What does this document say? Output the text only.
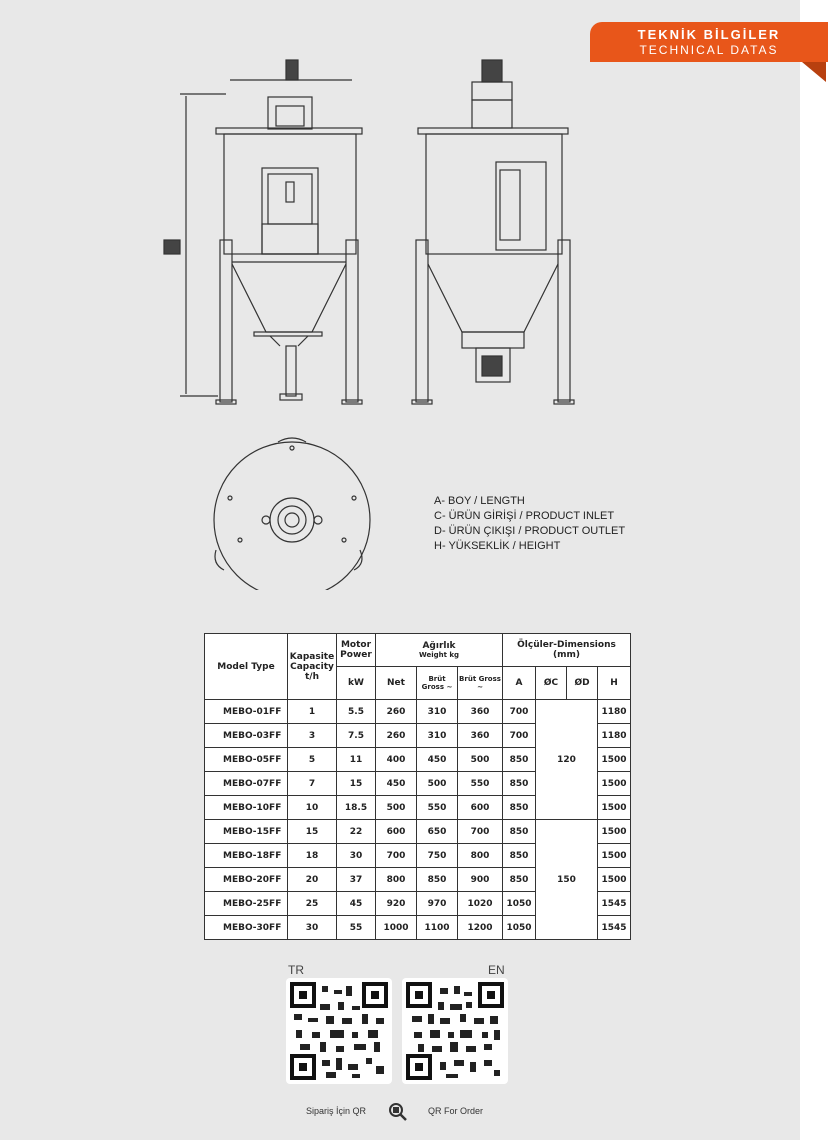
TEKNİK BİLGİLER
TECHNICAL DATAS
A- BOY / LENGTH
C- ÜRÜN GİRİŞİ / PRODUCT INLET
D- ÜRÜN ÇIKIŞI / PRODUCT OUTLET
H- YÜKSEKLİK / HEIGHT
Model Type	Kapasite Capacity t/h	Motor Power	Ağırlık
Weight kg			Ölçüler-Dimensions (mm)			
		kW	Net	Brüt Gross ~	Brüt Gross ~	A	ØC	ØD	H
MEBO-01FF	1	5.5	260	310	360	700	120		1180
MEBO-03FF	3	7.5	260	310	360	700			1180
MEBO-05FF	5	11	400	450	500	850			1500
MEBO-07FF	7	15	450	500	550	850			1500
MEBO-10FF	10	18.5	500	550	600	850			1500
MEBO-15FF	15	22	600	650	700	850	150		1500
MEBO-18FF	18	30	700	750	800	850			1500
MEBO-20FF	20	37	800	850	900	850			1500
MEBO-25FF	25	45	920	970	1020	1050			1545
MEBO-30FF	30	55	1000	1100	1200	1050			1545
TR	EN
Sipariş İçin QR	QR For Order
